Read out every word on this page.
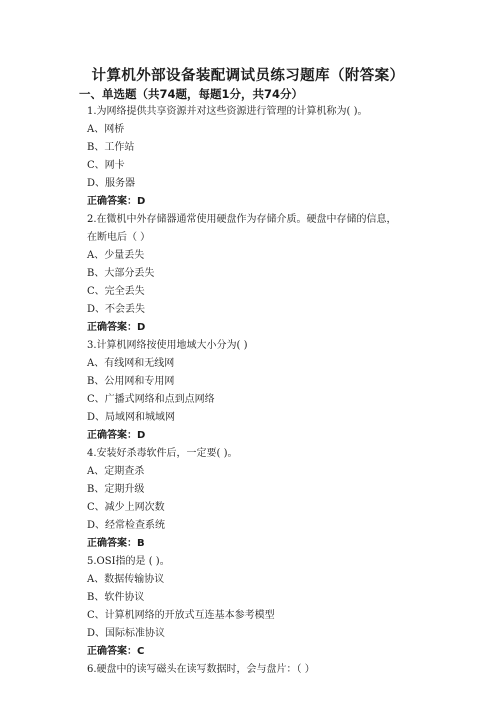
计算机外部设备装配调试员练习题库（附答案）
一、单选题（共74题，每题1分，共74分）
1.为网络提供共享资源并对这些资源进行管理的计算机称为( )。
A、网桥
B、工作站
C、网卡
D、服务器
正确答案：D
2.在微机中外存储器通常使用硬盘作为存储介质。硬盘中存储的信息，
在断电后（ ）
A、少量丢失
B、大部分丢失
C、完全丢失
D、不会丢失
正确答案：D
3.计算机网络按使用地域大小分为( )
A、有线网和无线网
B、公用网和专用网
C、广播式网络和点到点网络
D、局域网和城域网
正确答案：D
4.安装好杀毒软件后，一定要( )。
A、定期查杀
B、定期升级
C、减少上网次数
D、经常检查系统
正确答案：B
5.OSI指的是 ( )。
A、数据传输协议
B、软件协议
C、计算机网络的开放式互连基本参考模型
D、国际标准协议
正确答案：C
6.硬盘中的读写磁头在读写数据时，会与盘片：（ ）
